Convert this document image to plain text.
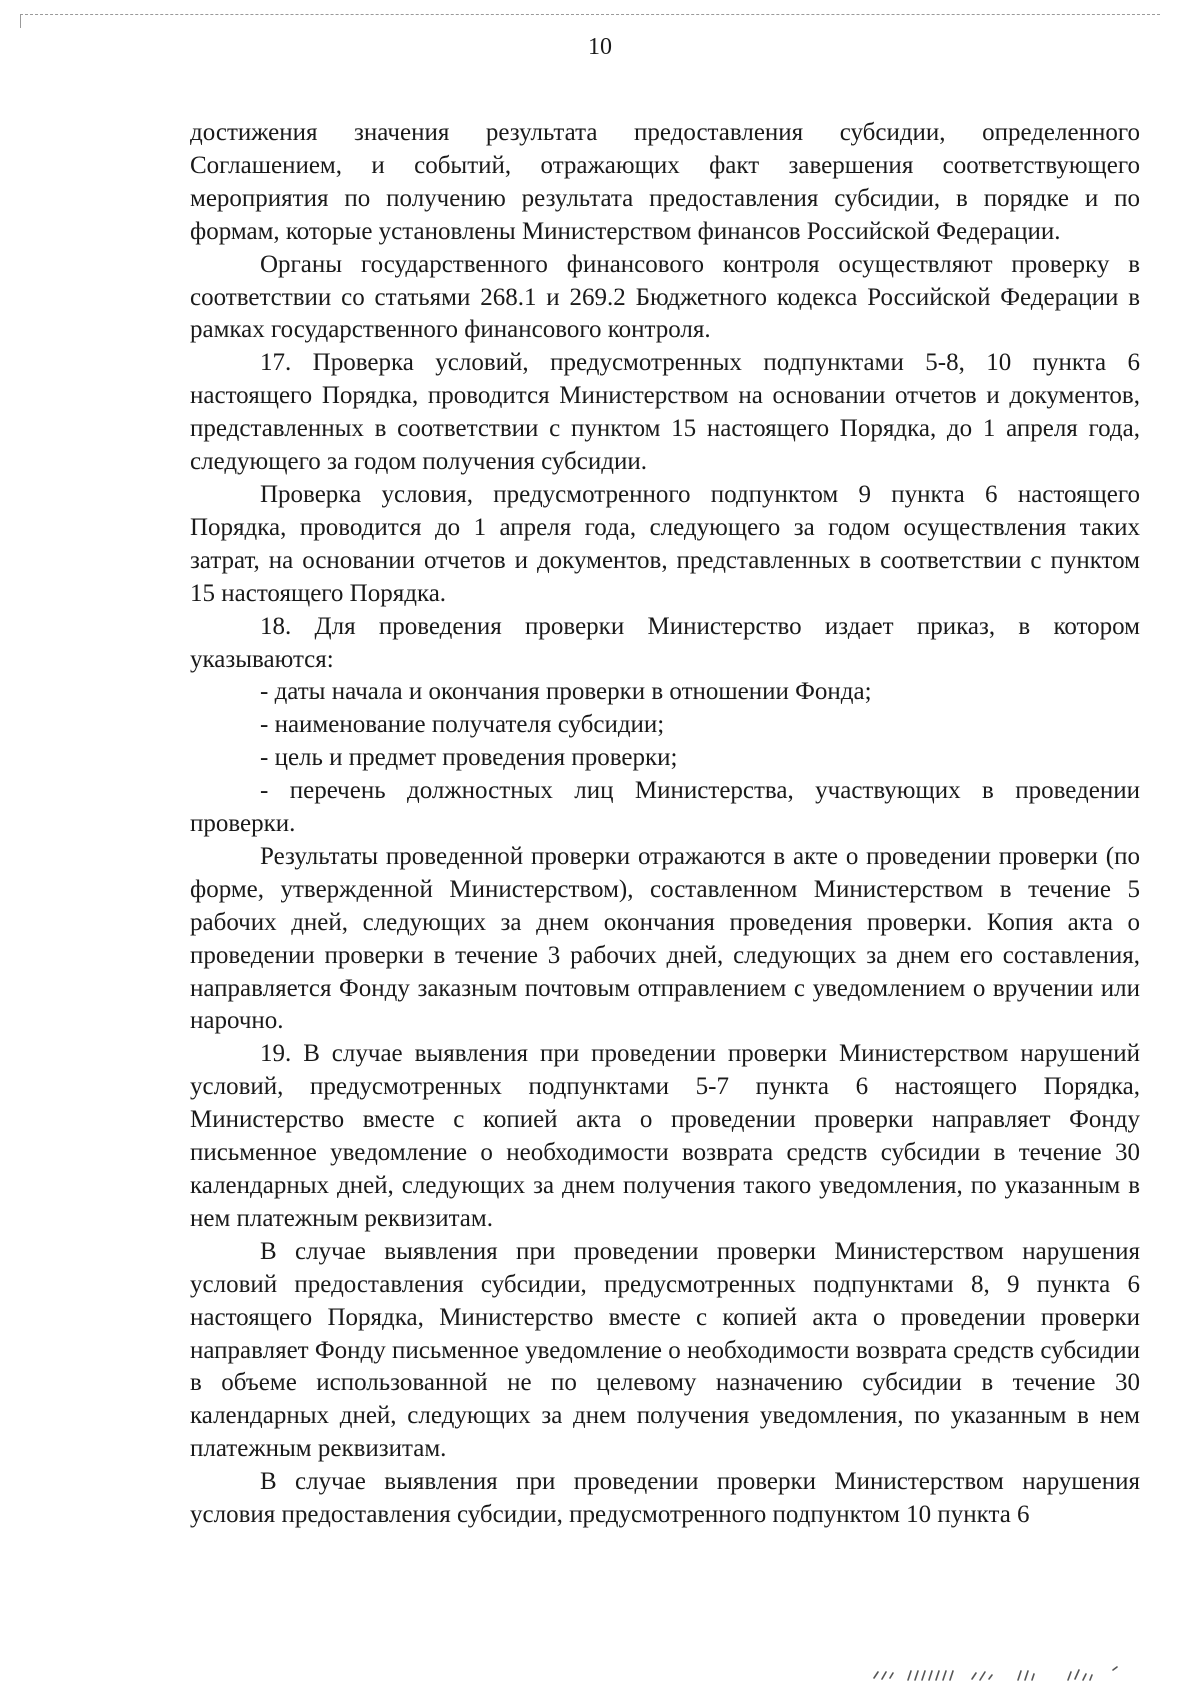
10

достижения значения результата предоставления субсидии, определенного Соглашением, и событий, отражающих факт завершения соответствующего мероприятия по получению результата предоставления субсидии, в порядке и по формам, которые установлены Министерством финансов Российской Федерации.

Органы государственного финансового контроля осуществляют проверку в соответствии со статьями 268.1 и 269.2 Бюджетного кодекса Российской Федерации в рамках государственного финансового контроля.

17. Проверка условий, предусмотренных подпунктами 5-8, 10 пункта 6 настоящего Порядка, проводится Министерством на основании отчетов и документов, представленных в соответствии с пунктом 15 настоящего Порядка, до 1 апреля года, следующего за годом получения субсидии.

Проверка условия, предусмотренного подпунктом 9 пункта 6 настоящего Порядка, проводится до 1 апреля года, следующего за годом осуществления таких затрат, на основании отчетов и документов, представленных в соответствии с пунктом 15 настоящего Порядка.

18. Для проведения проверки Министерство издает приказ, в котором указываются:

- даты начала и окончания проверки в отношении Фонда;

- наименование получателя субсидии;

- цель и предмет проведения проверки;

- перечень должностных лиц Министерства, участвующих в проведении проверки.

Результаты проведенной проверки отражаются в акте о проведении проверки (по форме, утвержденной Министерством), составленном Министерством в течение 5 рабочих дней, следующих за днем окончания проведения проверки. Копия акта о проведении проверки в течение 3 рабочих дней, следующих за днем его составления, направляется Фонду заказным почтовым отправлением с уведомлением о вручении или нарочно.

19. В случае выявления при проведении проверки Министерством нарушений условий, предусмотренных подпунктами 5-7 пункта 6 настоящего Порядка, Министерство вместе с копией акта о проведении проверки направляет Фонду письменное уведомление о необходимости возврата средств субсидии в течение 30 календарных дней, следующих за днем получения такого уведомления, по указанным в нем платежным реквизитам.

В случае выявления при проведении проверки Министерством нарушения условий предоставления субсидии, предусмотренных подпунктами 8, 9 пункта 6 настоящего Порядка, Министерство вместе с копией акта о проведении проверки направляет Фонду письменное уведомление о необходимости возврата средств субсидии в объеме использованной не по целевому назначению субсидии в течение 30 календарных дней, следующих за днем получения уведомления, по указанным в нем платежным реквизитам.

В случае выявления при проведении проверки Министерством нарушения условия предоставления субсидии, предусмотренного подпунктом 10 пункта 6
